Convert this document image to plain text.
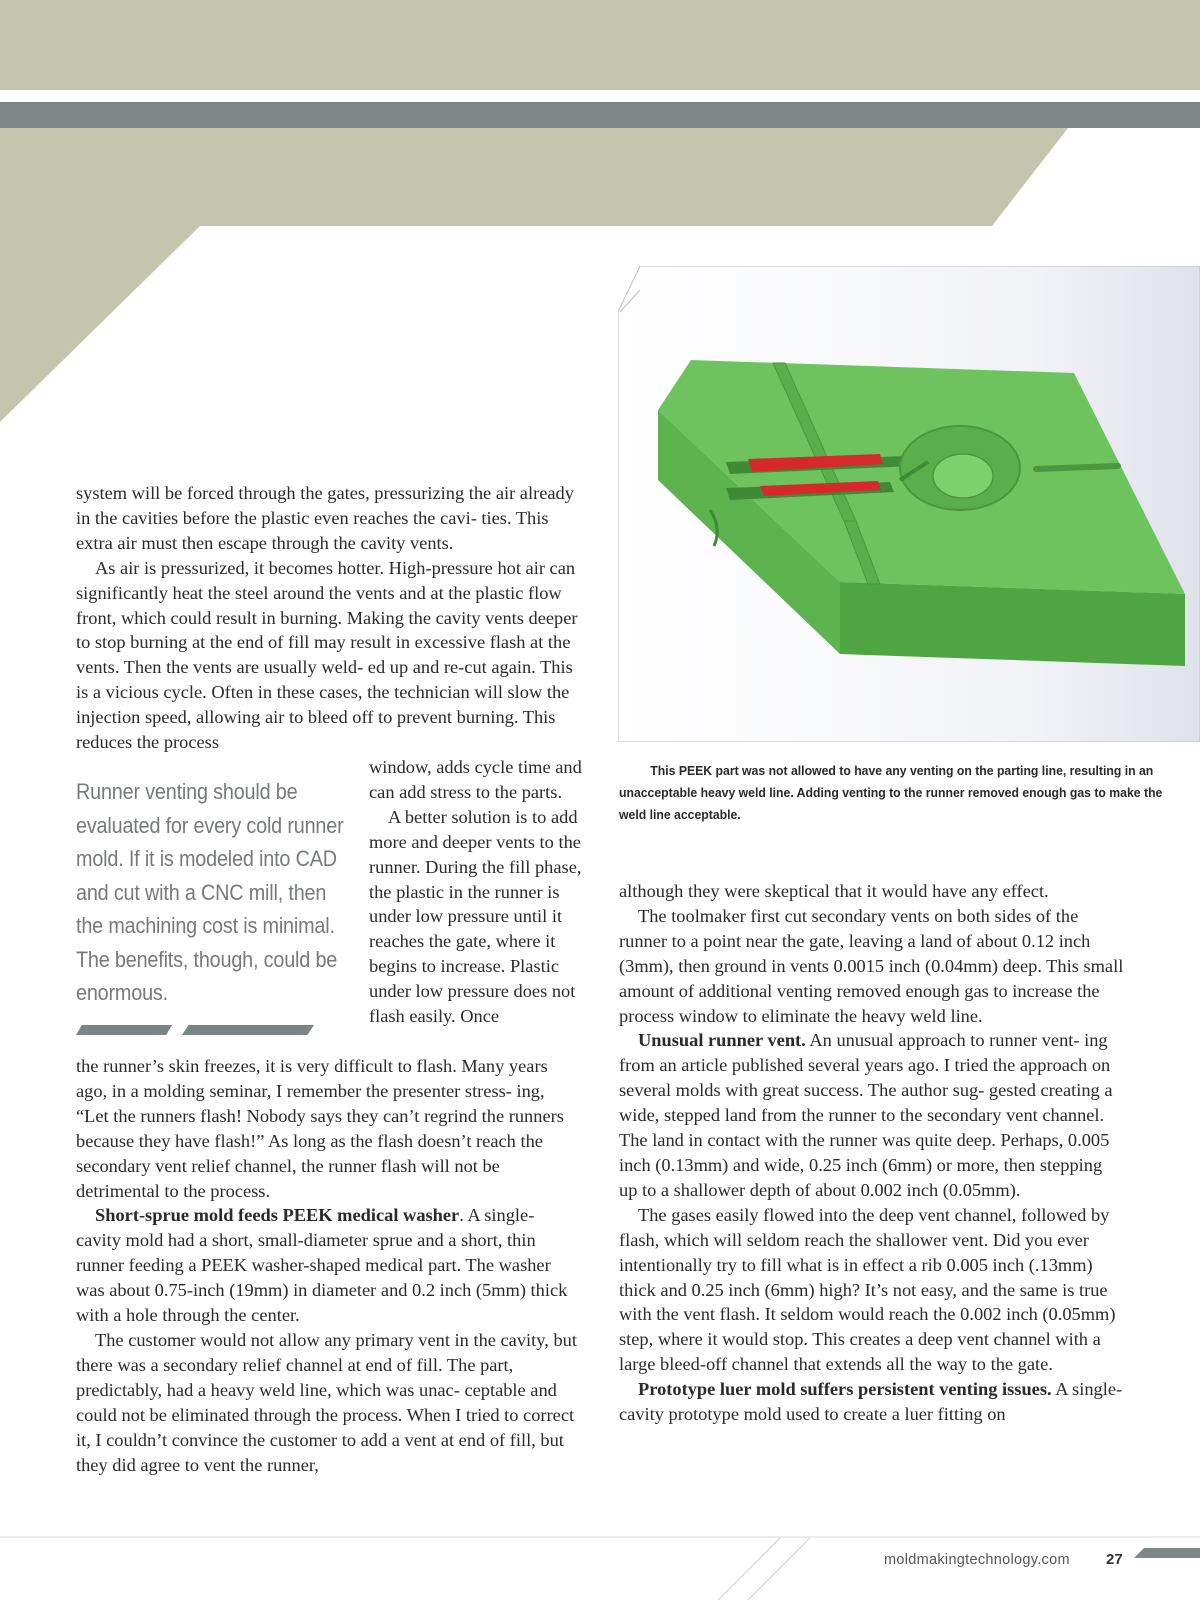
This PEEK part was not allowed to have any venting on the parting line, resulting in an unacceptable heavy weld line. Adding venting to the runner removed enough gas to make the weld line acceptable.

system will be forced through the gates, pressurizing the air already in the cavities before the plastic even reaches the cavi- ties. This extra air must then escape through the cavity vents.

As air is pressurized, it becomes hotter. High-pressure hot air can significantly heat the steel around the vents and at the plastic flow front, which could result in burning. Making the cavity vents deeper to stop burning at the end of fill may result in excessive flash at the vents. Then the vents are usually weld- ed up and re-cut again. This is a vicious cycle. Often in these cases, the technician will slow the injection speed, allowing air to bleed off to prevent burning. This reduces the process

Runner venting should be evaluated for every cold runner mold. If it is modeled into CAD and cut with a CNC mill, then the machining cost is minimal. The benefits, though, could be enormous.

window, adds cycle time and can add stress to the parts.

A better solution is to add more and deeper vents to the runner. During the fill phase, the plastic in the runner is under low pressure until it reaches the gate, where it begins to increase. Plastic under low pressure does not flash easily. Once

the runner’s skin freezes, it is very difficult to flash. Many years ago, in a molding seminar, I remember the presenter stress- ing, “Let the runners flash! Nobody says they can’t regrind the runners because they have flash!” As long as the flash doesn’t reach the secondary vent relief channel, the runner flash will not be detrimental to the process.

Short-sprue mold feeds PEEK medical washer. A single- cavity mold had a short, small-diameter sprue and a short, thin runner feeding a PEEK washer-shaped medical part. The washer was about 0.75-inch (19mm) in diameter and 0.2 inch (5mm) thick with a hole through the center.

The customer would not allow any primary vent in the cavity, but there was a secondary relief channel at end of fill. The part, predictably, had a heavy weld line, which was unac- ceptable and could not be eliminated through the process. When I tried to correct it, I couldn’t convince the customer to add a vent at end of fill, but they did agree to vent the runner,

although they were skeptical that it would have any effect.

The toolmaker first cut secondary vents on both sides of the runner to a point near the gate, leaving a land of about 0.12 inch (3mm), then ground in vents 0.0015 inch (0.04mm) deep. This small amount of additional venting removed enough gas to increase the process window to eliminate the heavy weld line.

Unusual runner vent. An unusual approach to runner vent- ing from an article published several years ago. I tried the approach on several molds with great success. The author sug- gested creating a wide, stepped land from the runner to the secondary vent channel. The land in contact with the runner was quite deep. Perhaps, 0.005 inch (0.13mm) and wide, 0.25 inch (6mm) or more, then stepping up to a shallower depth of about 0.002 inch (0.05mm).

The gases easily flowed into the deep vent channel, followed by flash, which will seldom reach the shallower vent. Did you ever intentionally try to fill what is in effect a rib 0.005 inch (.13mm) thick and 0.25 inch (6mm) high? It’s not easy, and the same is true with the vent flash. It seldom would reach the 0.002 inch (0.05mm) step, where it would stop. This creates a deep vent channel with a large bleed-off channel that extends all the way to the gate.

Prototype luer mold suffers persistent venting issues. A single-cavity prototype mold used to create a luer fitting on

moldmakingtechnology.com 27
